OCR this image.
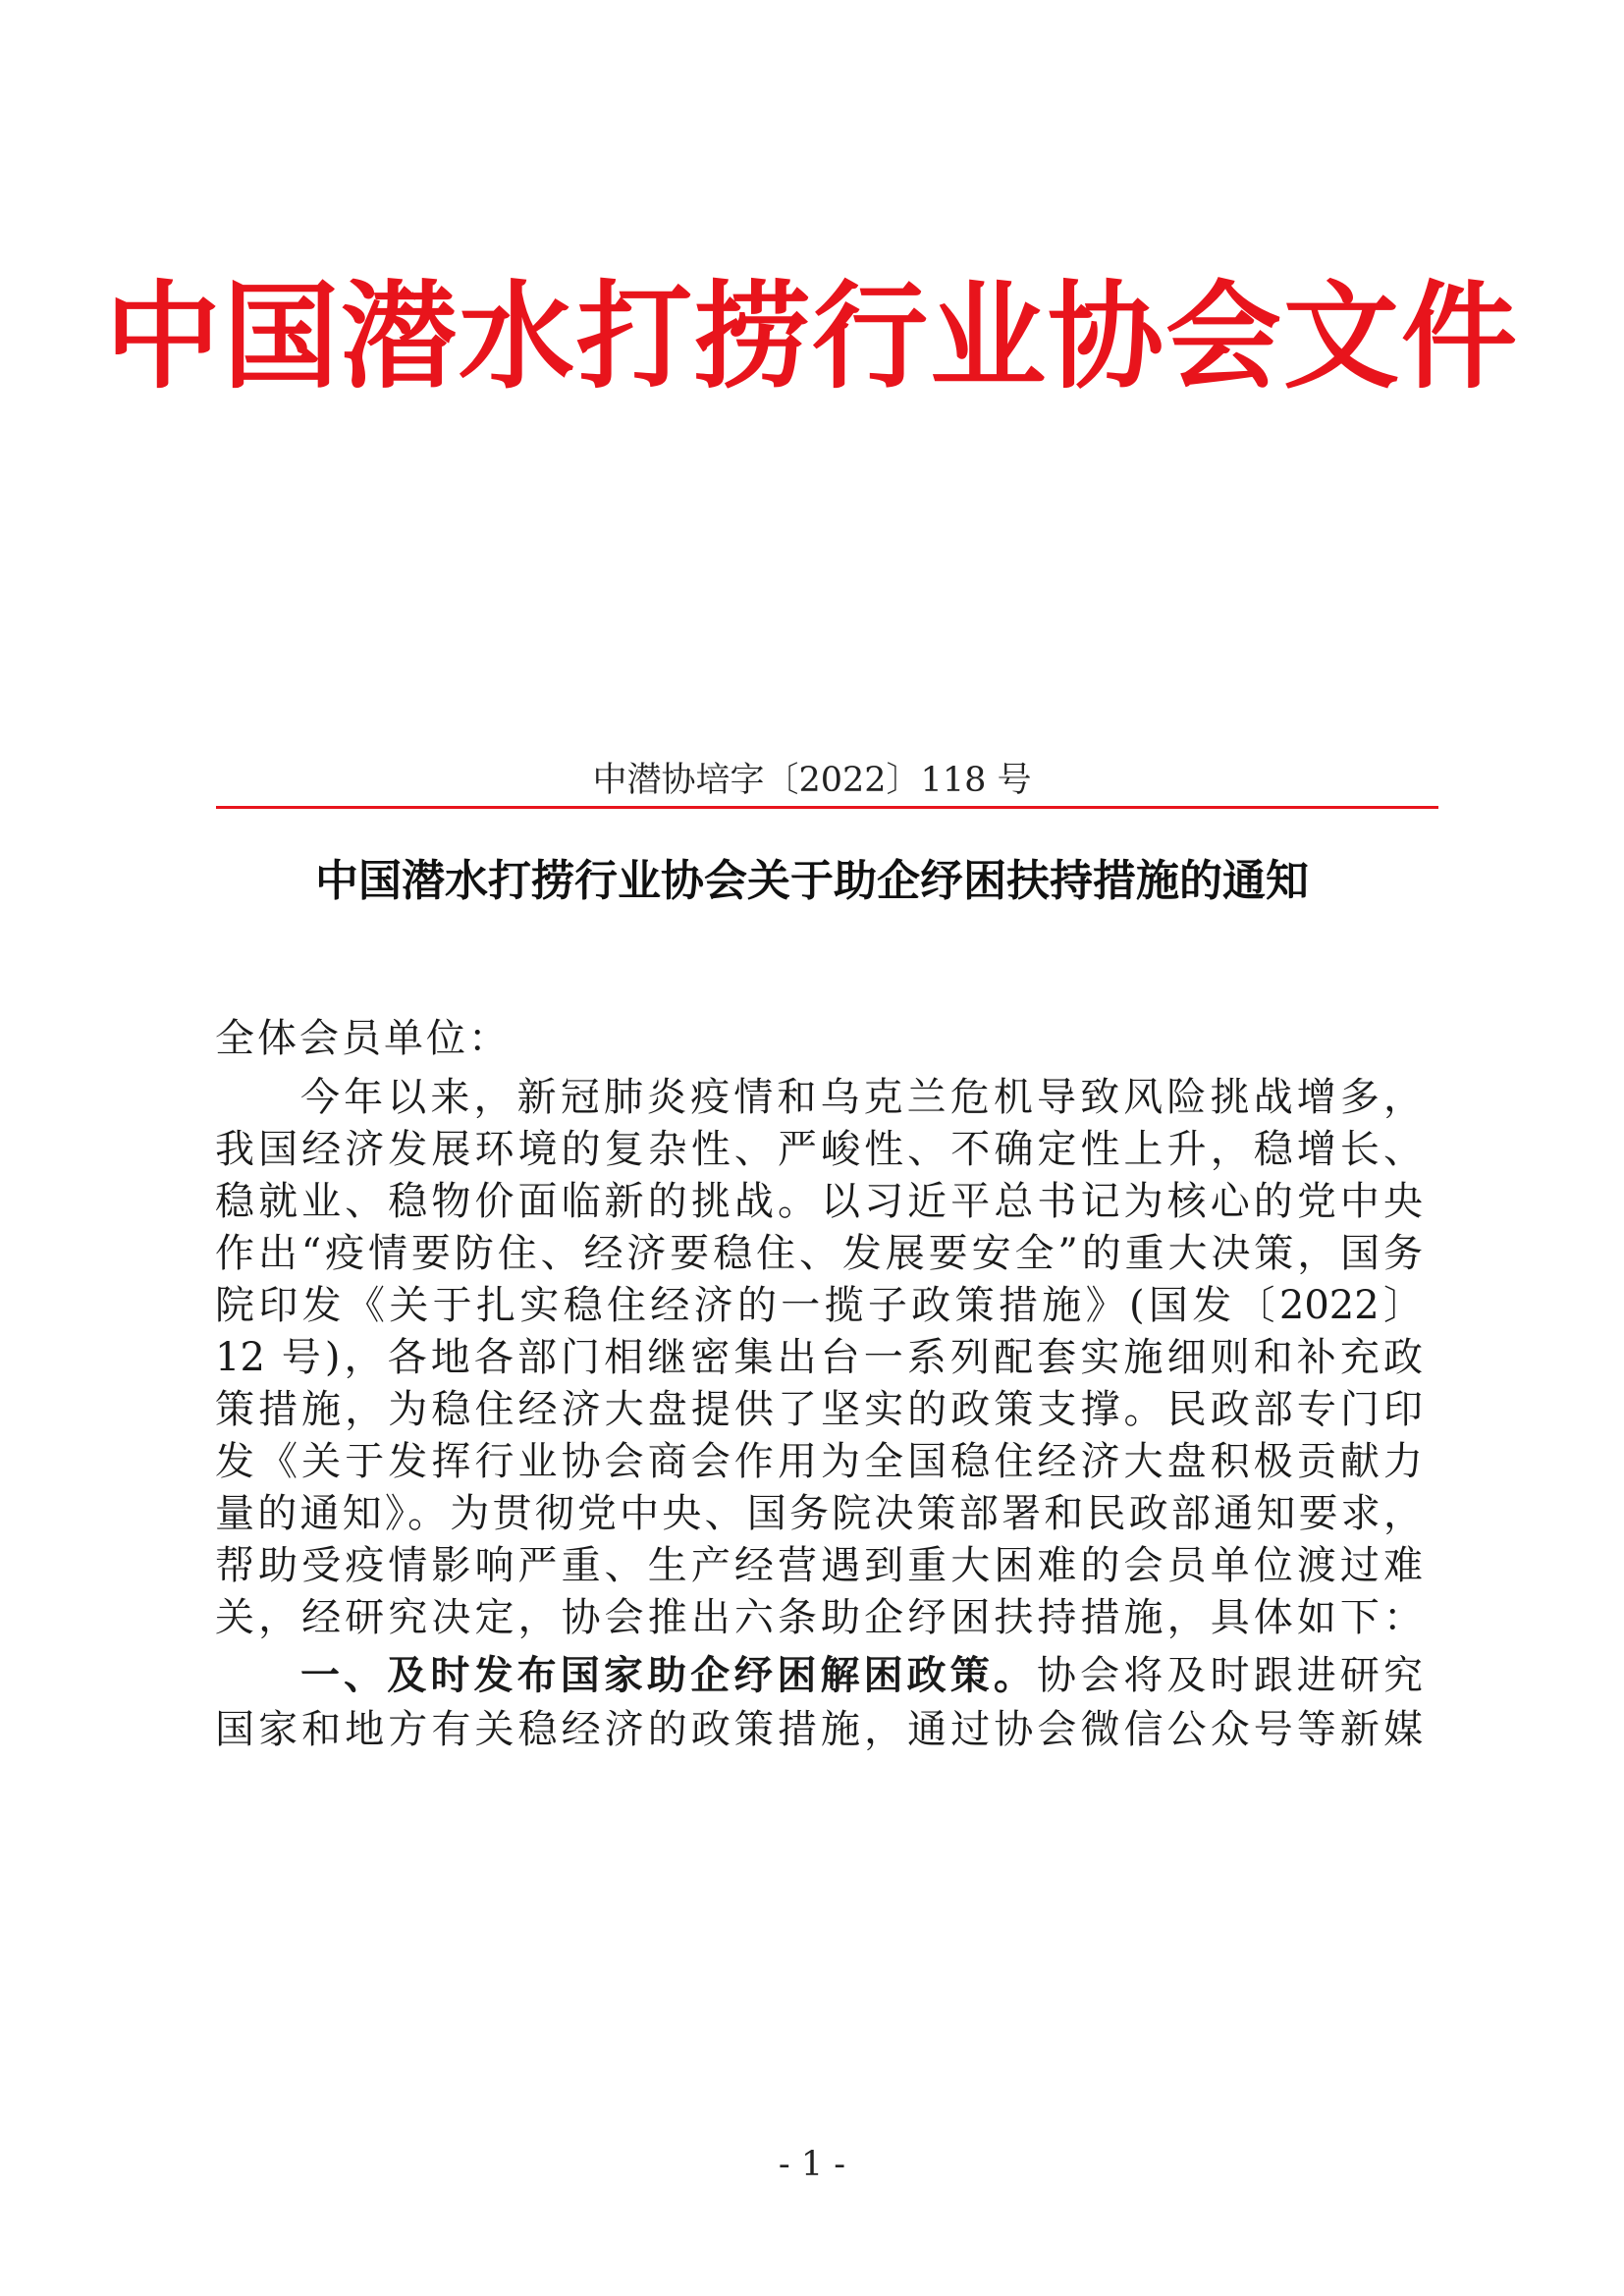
中国潜水打捞行业协会文件
中潜协培字〔2022〕118 号
中国潜水打捞行业协会关于助企纾困扶持措施的通知
全体会员单位：
今年以来，新冠肺炎疫情和乌克兰危机导致风险挑战增多，
我国经济发展环境的复杂性、严峻性、不确定性上升，稳增长、
稳就业、稳物价面临新的挑战。以习近平总书记为核心的党中央
作出“疫情要防住、经济要稳住、发展要安全”的重大决策，国务
院印发《关于扎实稳住经济的一揽子政策措施》(国发〔2022〕
12 号)，各地各部门相继密集出台一系列配套实施细则和补充政
策措施，为稳住经济大盘提供了坚实的政策支撑。民政部专门印
发《关于发挥行业协会商会作用为全国稳住经济大盘积极贡献力
量的通知》。为贯彻党中央、国务院决策部署和民政部通知要求，
帮助受疫情影响严重、生产经营遇到重大困难的会员单位渡过难
关，经研究决定，协会推出六条助企纾困扶持措施，具体如下：
一、及时发布国家助企纾困解困政策。协会将及时跟进研究
国家和地方有关稳经济的政策措施，通过协会微信公众号等新媒
- 1 -
